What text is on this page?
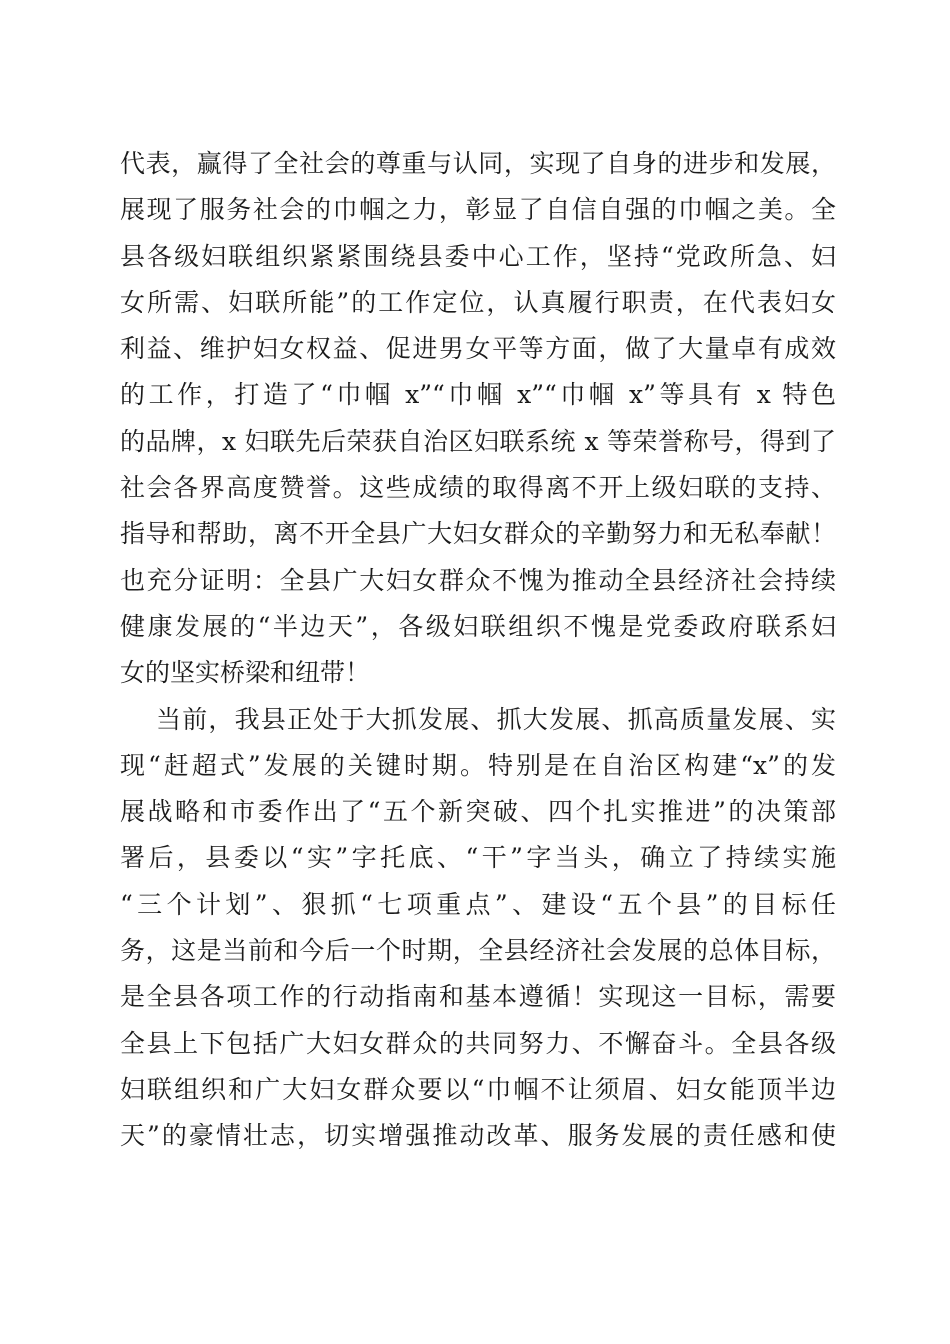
代表，赢得了全社会的尊重与认同，实现了自身的进步和发展，
展现了服务社会的巾帼之力，彰显了自信自强的巾帼之美。全
县各级妇联组织紧紧围绕县委中心工作，坚持“党政所急、妇
女所需、妇联所能”的工作定位，认真履行职责，在代表妇女
利益、维护妇女权益、促进男女平等方面，做了大量卓有成效
的工作，打造了“巾帼 x”“巾帼 x”“巾帼 x”等具有 x 特色
的品牌，x 妇联先后荣获自治区妇联系统 x 等荣誉称号，得到了
社会各界高度赞誉。这些成绩的取得离不开上级妇联的支持、
指导和帮助，离不开全县广大妇女群众的辛勤努力和无私奉献！
也充分证明：全县广大妇女群众不愧为推动全县经济社会持续
健康发展的“半边天”，各级妇联组织不愧是党委政府联系妇
女的坚实桥梁和纽带！
当前，我县正处于大抓发展、抓大发展、抓高质量发展、实
现“赶超式”发展的关键时期。特别是在自治区构建“x”的发
展战略和市委作出了“五个新突破、四个扎实推进”的决策部
署后，县委以“实”字托底、“干”字当头，确立了持续实施
“三个计划”、狠抓“七项重点”、建设“五个县”的目标任
务，这是当前和今后一个时期，全县经济社会发展的总体目标，
是全县各项工作的行动指南和基本遵循！实现这一目标，需要
全县上下包括广大妇女群众的共同努力、不懈奋斗。全县各级
妇联组织和广大妇女群众要以“巾帼不让须眉、妇女能顶半边
天”的豪情壮志，切实增强推动改革、服务发展的责任感和使
